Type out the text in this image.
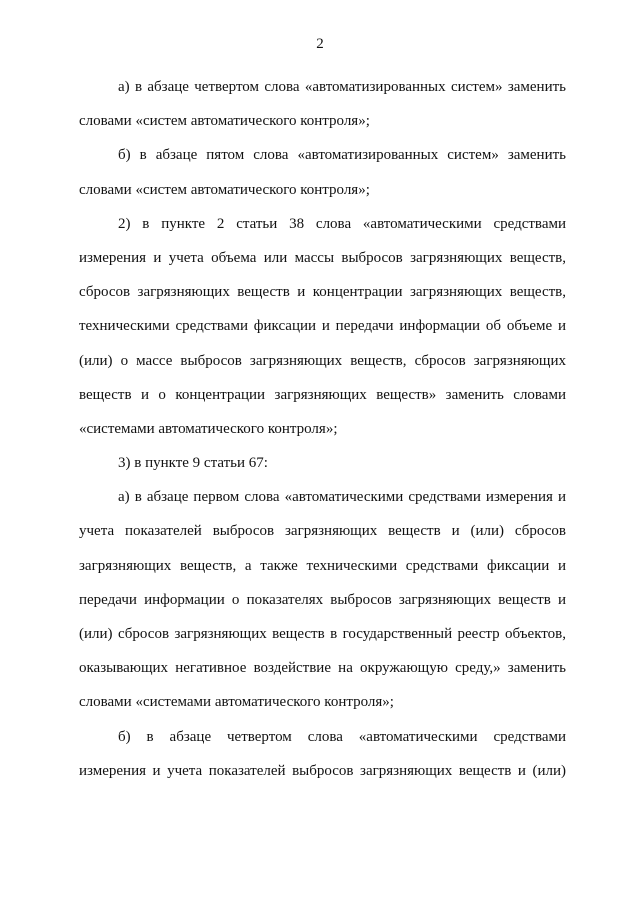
2
а) в абзаце четвертом слова «автоматизированных систем» заменить
словами «систем автоматического контроля»;
б) в абзаце пятом слова «автоматизированных систем» заменить
словами «систем автоматического контроля»;
2) в пункте 2 статьи 38 слова «автоматическими средствами
измерения и учета объема или массы выбросов загрязняющих веществ,
сбросов загрязняющих веществ и концентрации загрязняющих веществ,
техническими средствами фиксации и передачи информации об объеме и
(или) о массе выбросов загрязняющих веществ, сбросов загрязняющих
веществ и о концентрации загрязняющих веществ» заменить словами
«системами автоматического контроля»;
3) в пункте 9 статьи 67:
а) в абзаце первом слова «автоматическими средствами измерения и
учета показателей выбросов загрязняющих веществ и (или) сбросов
загрязняющих веществ, а также техническими средствами фиксации и
передачи информации о показателях выбросов загрязняющих веществ и
(или) сбросов загрязняющих веществ в государственный реестр объектов,
оказывающих негативное воздействие на окружающую среду,» заменить
словами «системами автоматического контроля»;
б) в абзаце четвертом слова «автоматическими средствами
измерения и учета показателей выбросов загрязняющих веществ и (или)
